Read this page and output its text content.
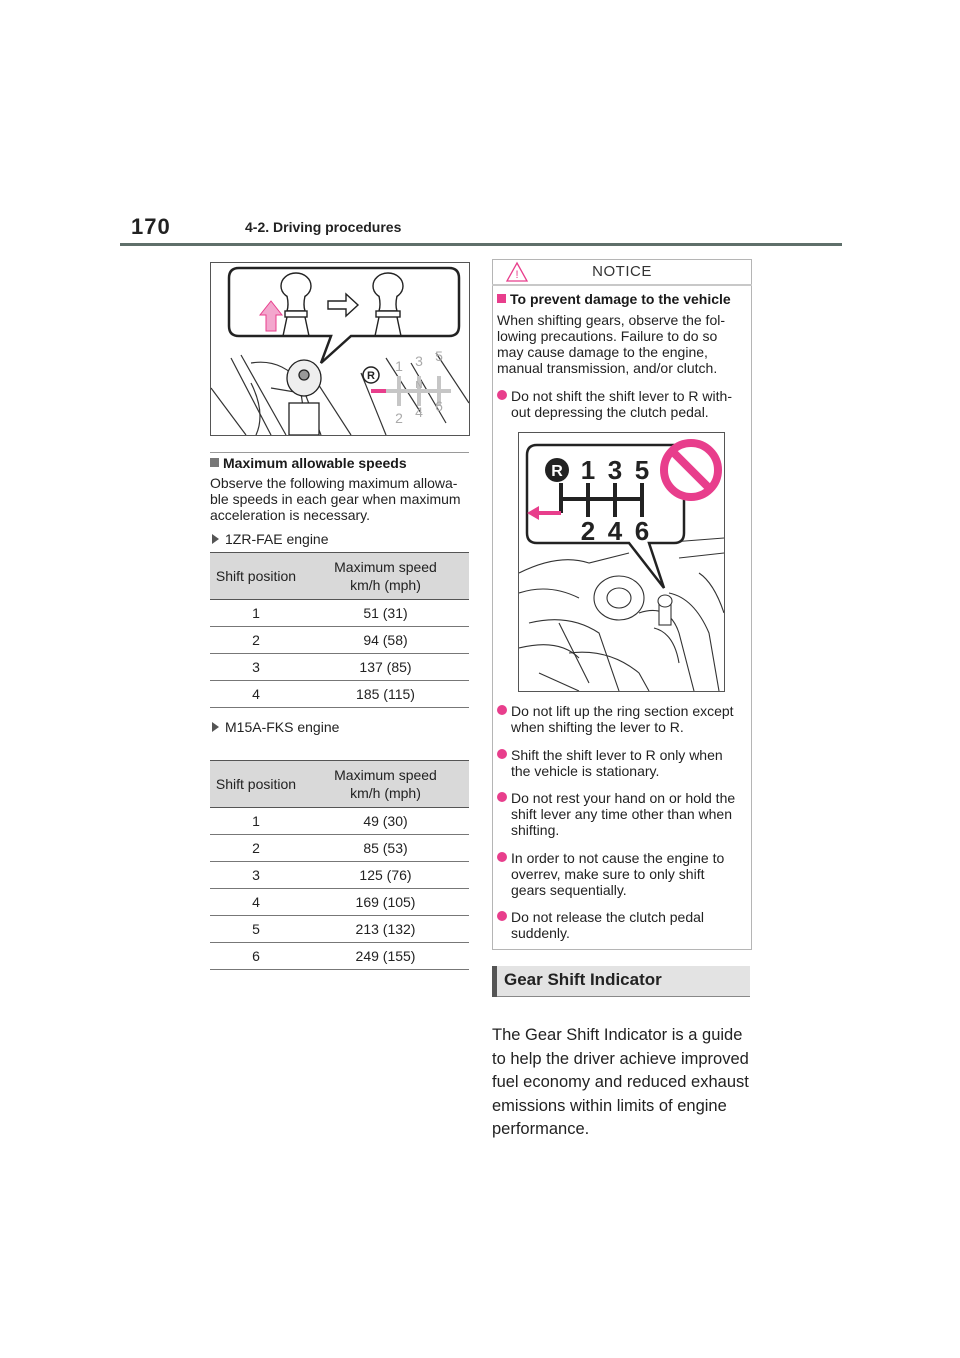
170	4-2. Driving procedures
R
1 3 5
2 4 6
N
Maximum allowable speeds
Observe the following maximum allowa-
ble speeds in each gear when maximum
acceleration is necessary.
1ZR-FAE engine
Shift position	Maximum speed
km/h (mph)

1	51 (31)
2	94 (58)
3	137 (85)
4	185 (115)
M15A-FKS engine
Shift position	Maximum speed
km/h (mph)

1	49 (30)
2	85 (53)
3	125 (76)
4	169 (105)
5	213 (132)
6	249 (155)
!	NOTICE
To prevent damage to the vehicle
When shifting gears, observe the fol-
lowing precautions. Failure to do so
may cause damage to the engine,
manual transmission, and/or clutch.
Do not shift the shift lever to R with-
out depressing the clutch pedal.
R 1 3 5
2 4 6
Do not lift up the ring section except
when shifting the lever to R.
Shift the shift lever to R only when
the vehicle is stationary.
Do not rest your hand on or hold the
shift lever any time other than when
shifting.
In order to not cause the engine to
overrev, make sure to only shift
gears sequentially.
Do not release the clutch pedal
suddenly.
Gear Shift Indicator
The Gear Shift Indicator is a guide
to help the driver achieve improved
fuel economy and reduced exhaust
emissions within limits of engine
performance.
